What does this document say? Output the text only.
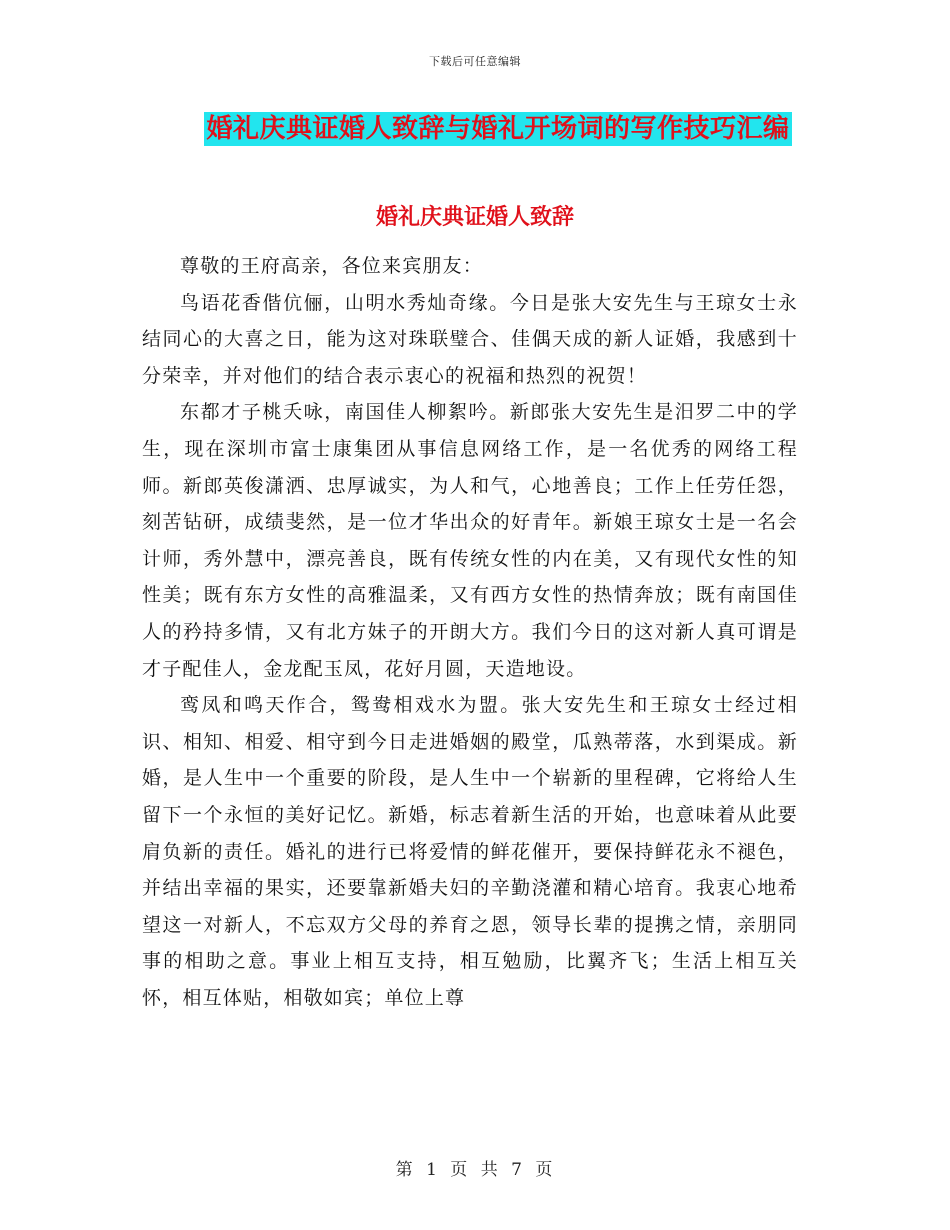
下载后可任意编辑
婚礼庆典证婚人致辞与婚礼开场词的写作技巧汇编
婚礼庆典证婚人致辞

尊敬的王府高亲，各位来宾朋友：

鸟语花香偕伉俪，山明水秀灿奇缘。今日是张大安先生与王琼女士永结同心的大喜之日，能为这对珠联璧合、佳偶天成的新人证婚，我感到十分荣幸，并对他们的结合表示衷心的祝福和热烈的祝贺！

东都才子桃夭咏，南国佳人柳絮吟。新郎张大安先生是汨罗二中的学生，现在深圳市富士康集团从事信息网络工作，是一名优秀的网络工程师。新郎英俊潇洒、忠厚诚实，为人和气，心地善良；工作上任劳任怨，刻苦钻研，成绩斐然，是一位才华出众的好青年。新娘王琼女士是一名会计师，秀外慧中，漂亮善良，既有传统女性的内在美，又有现代女性的知性美；既有东方女性的高雅温柔，又有西方女性的热情奔放；既有南国佳人的矜持多情，又有北方妹子的开朗大方。我们今日的这对新人真可谓是才子配佳人，金龙配玉凤，花好月圆，天造地设。

鸾凤和鸣天作合，鸳鸯相戏水为盟。张大安先生和王琼女士经过相识、相知、相爱、相守到今日走进婚姻的殿堂，瓜熟蒂落，水到渠成。新婚，是人生中一个重要的阶段，是人生中一个崭新的里程碑，它将给人生留下一个永恒的美好记忆。新婚，标志着新生活的开始，也意味着从此要肩负新的责任。婚礼的进行已将爱情的鲜花催开，要保持鲜花永不褪色，并结出幸福的果实，还要靠新婚夫妇的辛勤浇灌和精心培育。我衷心地希望这一对新人，不忘双方父母的养育之恩，领导长辈的提携之情，亲朋同事的相助之意。事业上相互支持，相互勉励，比翼齐飞；生活上相互关怀，相互体贴，相敬如宾；单位上尊

第 1 页 共 7 页
